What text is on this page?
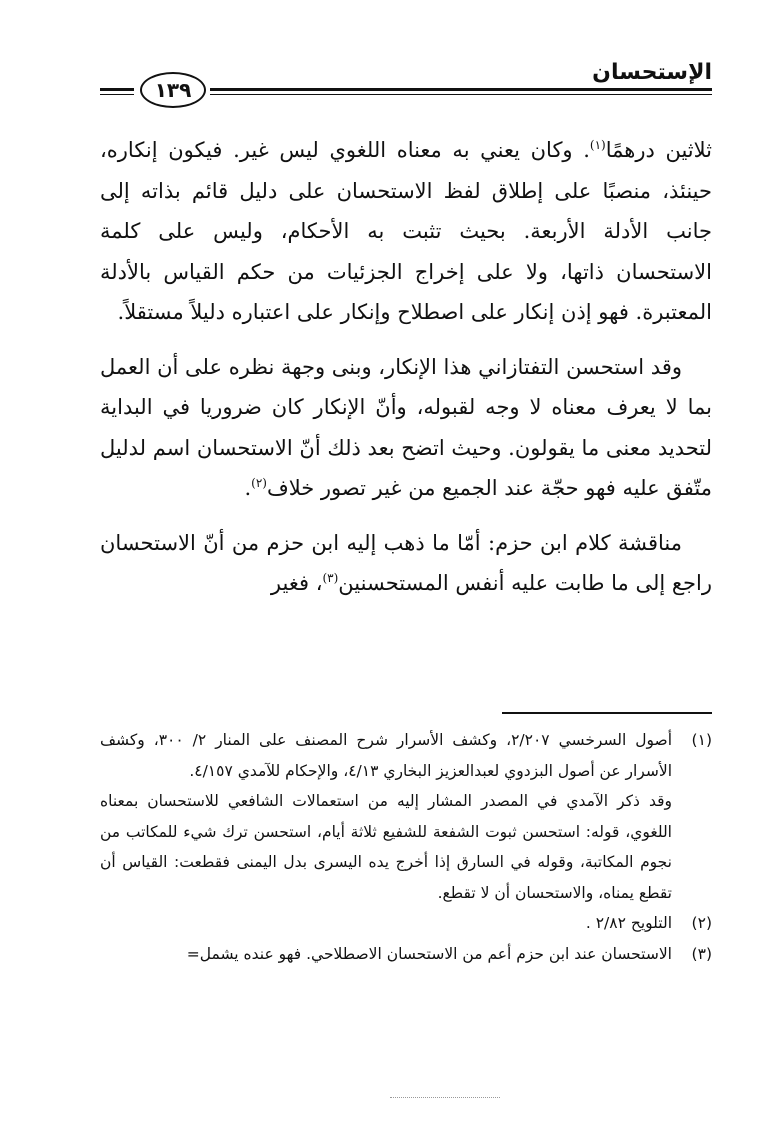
الإستحسان
١٣٩

ثلاثين درهمًا$^{(١)}$. وكان يعني به معناه اللغوي ليس غير. فيكون إنكاره، حينئذ، منصبًا على إطلاق لفظ الاستحسان على دليل قائم بذاته إلى جانب الأدلة الأربعة. بحيث تثبت به الأحكام، وليس على كلمة الاستحسان ذاتها، ولا على إخراج الجزئيات من حكم القياس بالأدلة المعتبرة. فهو إذن إنكار على اصطلاح وإنكار على اعتباره دليلاً مستقلاً.

وقد استحسن التفتازاني هذا الإنكار، وبنى وجهة نظره على أن العمل بما لا يعرف معناه لا وجه لقبوله، وأنّ الإنكار كان ضروريا في البداية لتحديد معنى ما يقولون. وحيث اتضح بعد ذلك أنّ الاستحسان اسم لدليل متّفق عليه فهو حجّة عند الجميع من غير تصور خلاف$^{(٢)}$.

مناقشة كلام ابن حزم: أمّا ما ذهب إليه ابن حزم من أنّ الاستحسان راجع إلى ما طابت عليه أنفس المستحسنين$^{(٣)}$، فغير

(١)
أصول السرخسي ٢/٢٠٧، وكشف الأسرار شرح المصنف على المنار ٢/ ٣٠٠، وكشف الأسرار عن أصول البزدوي لعبدالعزيز البخاري ٤/١٣، والإحكام للآمدي ٤/١٥٧.
وقد ذكر الآمدي في المصدر المشار إليه من استعمالات الشافعي للاستحسان بمعناه اللغوي، قوله: استحسن ثبوت الشفعة للشفيع ثلاثة أيام، استحسن ترك شيء للمكاتب من نجوم المكاتبة، وقوله في السارق إذا أخرج يده اليسرى بدل اليمنى فقطعت: القياس أن تقطع يمناه، والاستحسان أن لا تقطع.
(٢)
التلويح ٢/٨٢ .
(٣)
الاستحسان عند ابن حزم أعم من الاستحسان الاصطلاحي. فهو عنده يشمل=
